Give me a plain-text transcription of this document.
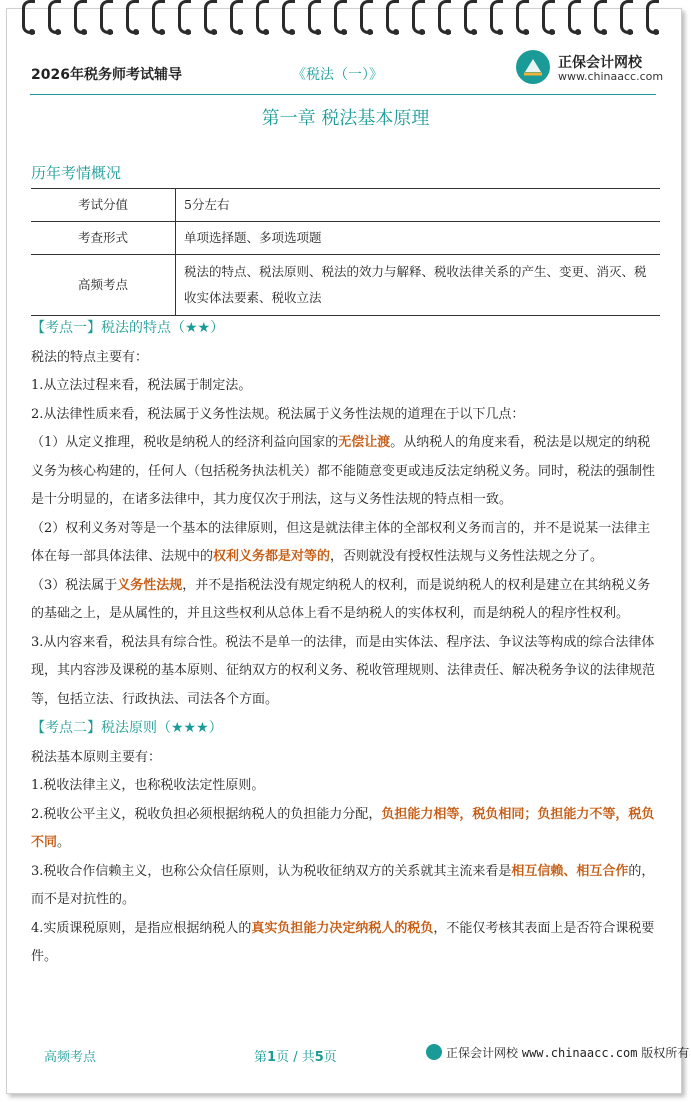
2026年税务师考试辅导	《税法（一）》
正保会计网校
www.chinaacc.com
第一章 税法基本原理
历年考情概况
考试分值	5分左右
考查形式	单项选择题、多项选项题
高频考点	税法的特点、税法原则、税法的效力与解释、税收法律关系的产生、变更、消灭、税收实体法要素、税收立法

【考点一】税法的特点（★★）

税法的特点主要有：

1.从立法过程来看，税法属于制定法。

2.从法律性质来看，税法属于义务性法规。税法属于义务性法规的道理在于以下几点：

（1）从定义推理，税收是纳税人的经济利益向国家的无偿让渡。从纳税人的角度来看，税法是以规定的纳税义务为核心构建的，任何人（包括税务执法机关）都不能随意变更或违反法定纳税义务。同时，税法的强制性是十分明显的，在诸多法律中，其力度仅次于刑法，这与义务性法规的特点相一致。

（2）权利义务对等是一个基本的法律原则，但这是就法律主体的全部权利义务而言的，并不是说某一法律主体在每一部具体法律、法规中的权利义务都是对等的，否则就没有授权性法规与义务性法规之分了。

（3）税法属于义务性法规，并不是指税法没有规定纳税人的权利，而是说纳税人的权利是建立在其纳税义务的基础之上，是从属性的，并且这些权利从总体上看不是纳税人的实体权利，而是纳税人的程序性权利。

3.从内容来看，税法具有综合性。税法不是单一的法律，而是由实体法、程序法、争议法等构成的综合法律体现，其内容涉及课税的基本原则、征纳双方的权利义务、税收管理规则、法律责任、解决税务争议的法律规范等，包括立法、行政执法、司法各个方面。

【考点二】税法原则（★★★）

税法基本原则主要有：

1.税收法律主义，也称税收法定性原则。

2.税收公平主义，税收负担必须根据纳税人的负担能力分配，负担能力相等，税负相同；负担能力不等，税负不同。

3.税收合作信赖主义，也称公众信任原则，认为税收征纳双方的关系就其主流来看是相互信赖、相互合作的，而不是对抗性的。

4.实质课税原则，是指应根据纳税人的真实负担能力决定纳税人的税负，不能仅考核其表面上是否符合课税要件。

高频考点	第1页 / 共5页	正保会计网校 www.chinaacc.com 版权所有
